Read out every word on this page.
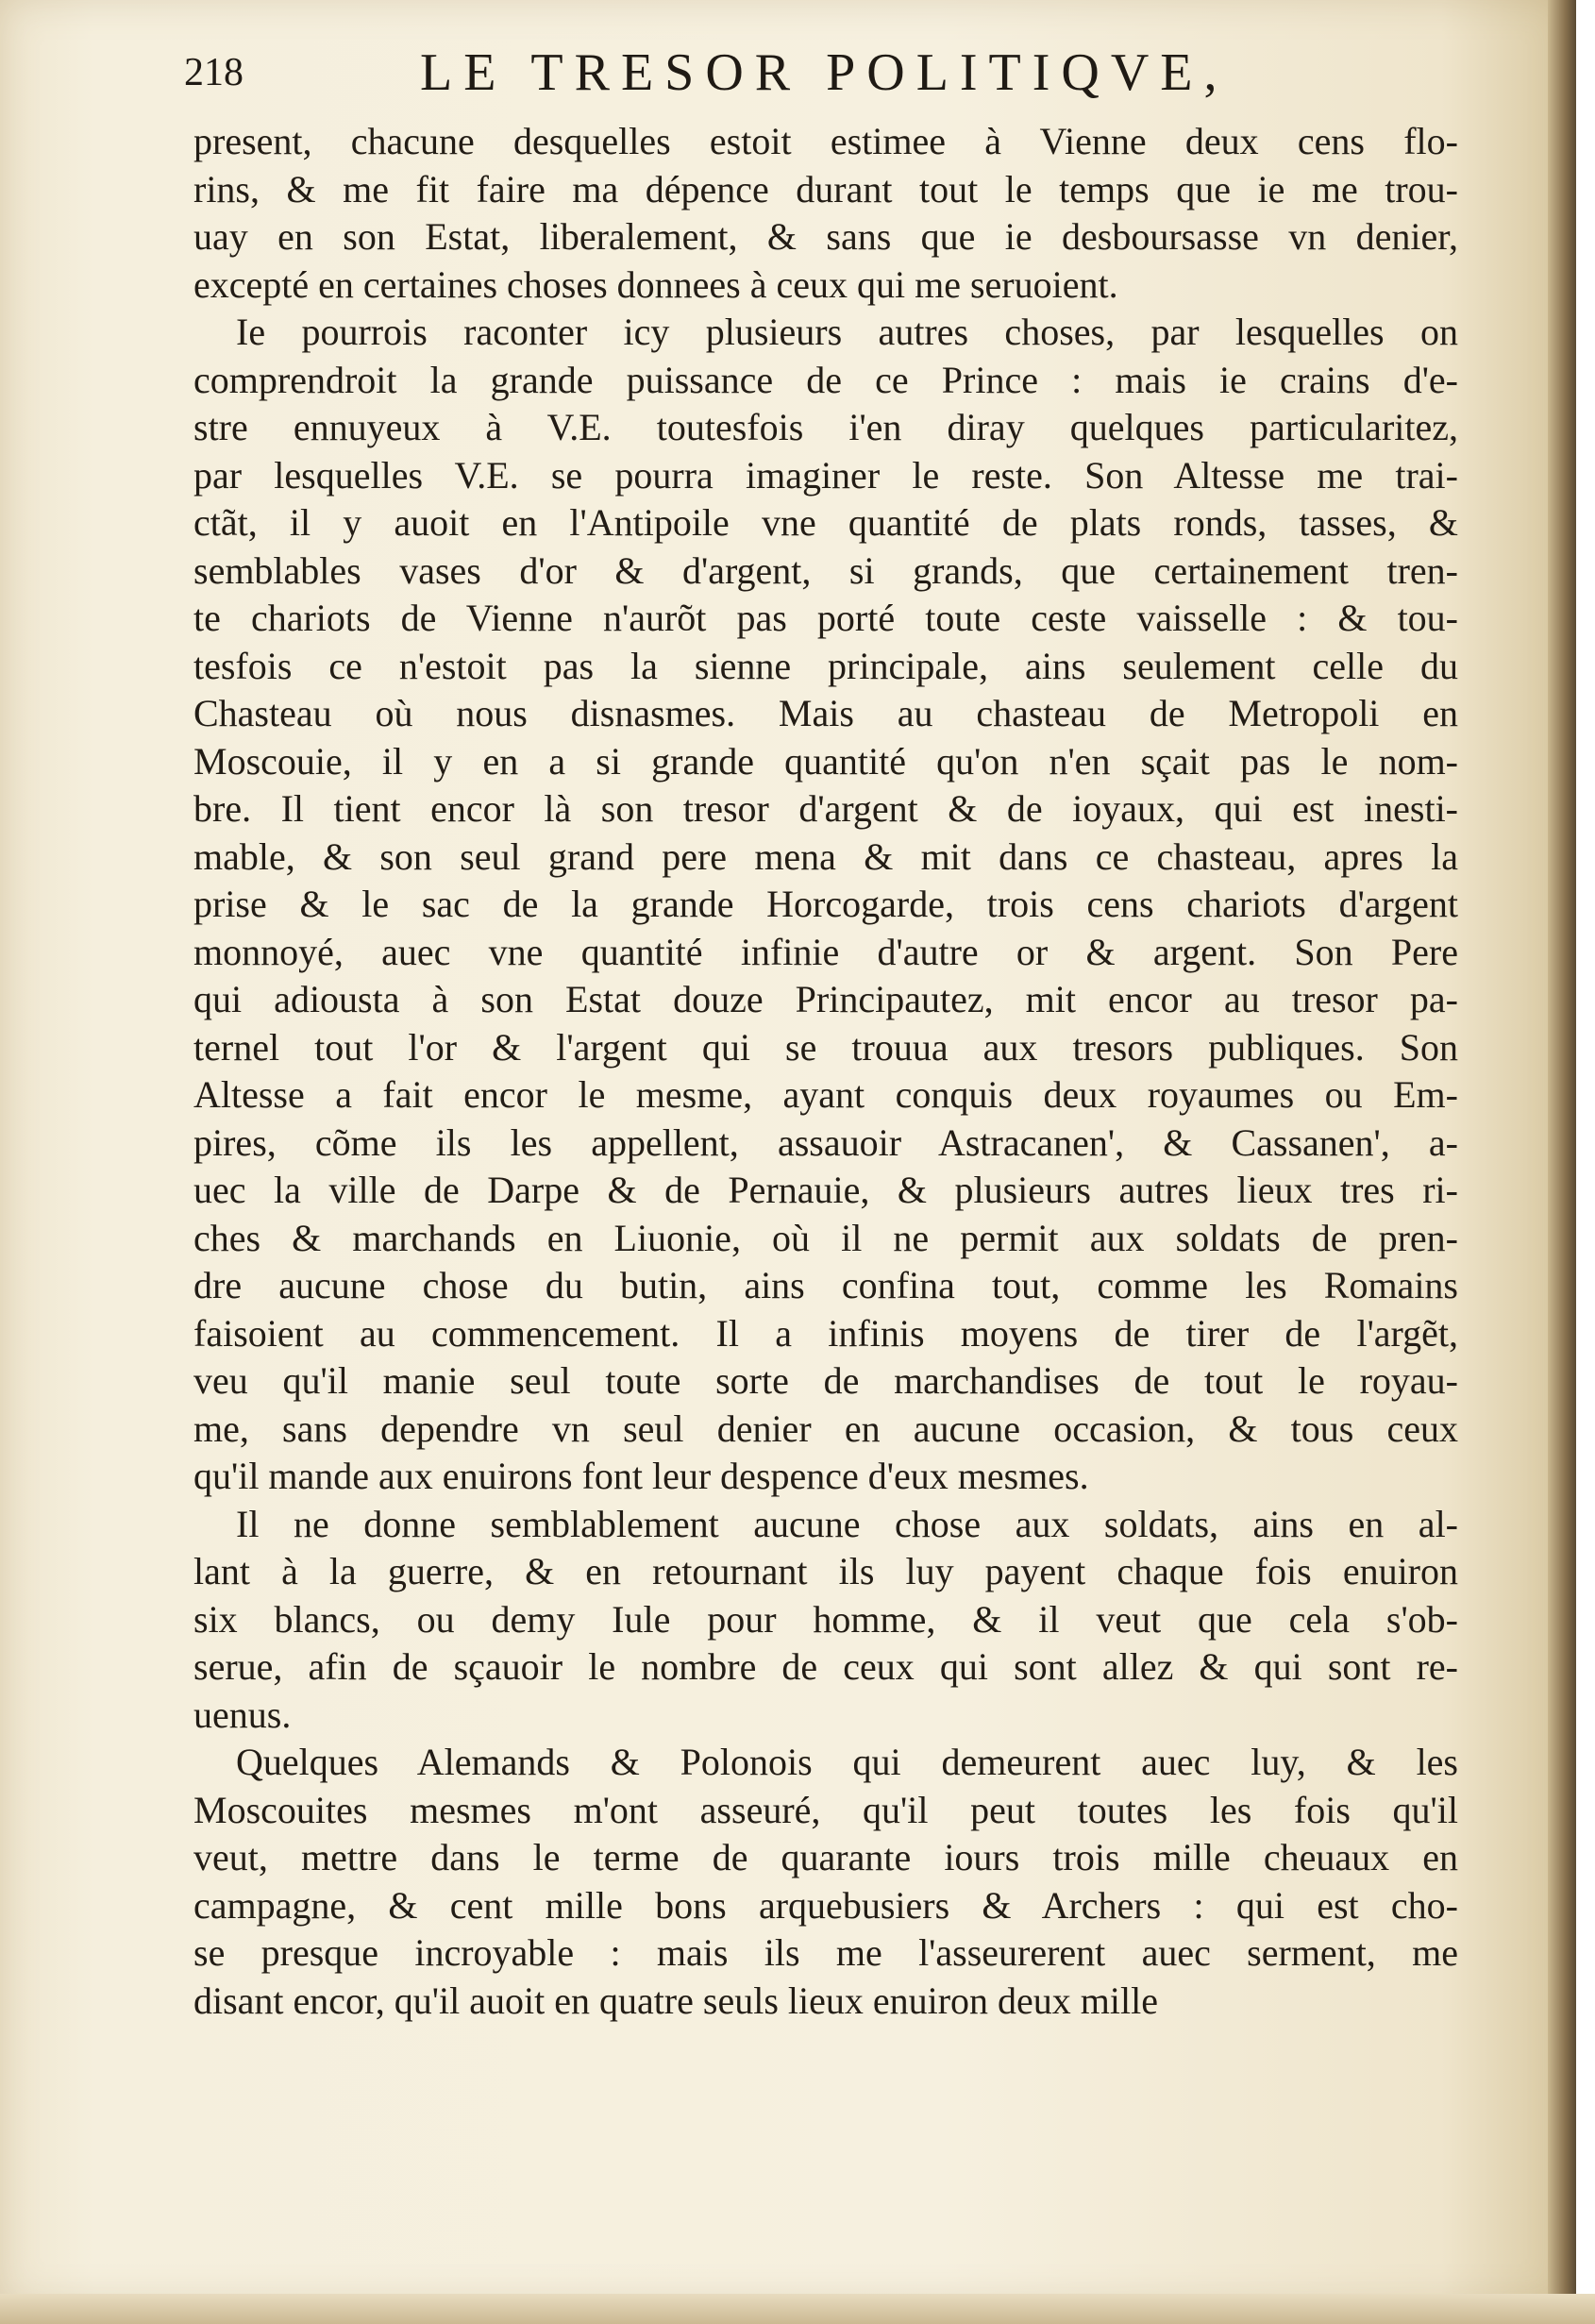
218	LE TRESOR POLITIQVE,
present, chacune desquelles estoit estimee à Vienne deux cens flo-
rins, & me fit faire ma dépence durant tout le temps que ie me trou-
uay en son Estat, liberalement, & sans que ie desboursasse vn denier,
excepté en certaines choses donnees à ceux qui me seruoient.
Ie pourrois raconter icy plusieurs autres choses, par lesquelles on
comprendroit la grande puissance de ce Prince : mais ie crains d'e-
stre ennuyeux à V.E. toutesfois i'en diray quelques particularitez,
par lesquelles V.E. se pourra imaginer le reste. Son Altesse me trai-
ctãt, il y auoit en l'Antipoile vne quantité de plats ronds, tasses, &
semblables vases d'or & d'argent, si grands, que certainement tren-
te chariots de Vienne n'aurõt pas porté toute ceste vaisselle : & tou-
tesfois ce n'estoit pas la sienne principale, ains seulement celle du
Chasteau où nous disnasmes. Mais au chasteau de Metropoli en
Moscouie, il y en a si grande quantité qu'on n'en sçait pas le nom-
bre. Il tient encor là son tresor d'argent & de ioyaux, qui est inesti-
mable, & son seul grand pere mena & mit dans ce chasteau, apres la
prise & le sac de la grande Horcogarde, trois cens chariots d'argent
monnoyé, auec vne quantité infinie d'autre or & argent. Son Pere
qui adiousta à son Estat douze Principautez, mit encor au tresor pa-
ternel tout l'or & l'argent qui se trouua aux tresors publiques. Son
Altesse a fait encor le mesme, ayant conquis deux royaumes ou Em-
pires, cõme ils les appellent, assauoir Astracanen', & Cassanen', a-
uec la ville de Darpe & de Pernauie, & plusieurs autres lieux tres ri-
ches & marchands en Liuonie, où il ne permit aux soldats de pren-
dre aucune chose du butin, ains confina tout, comme les Romains
faisoient au commencement. Il a infinis moyens de tirer de l'argẽt,
veu qu'il manie seul toute sorte de marchandises de tout le royau-
me, sans dependre vn seul denier en aucune occasion, & tous ceux
qu'il mande aux enuirons font leur despence d'eux mesmes.
Il ne donne semblablement aucune chose aux soldats, ains en al-
lant à la guerre, & en retournant ils luy payent chaque fois enuiron
six blancs, ou demy Iule pour homme, & il veut que cela s'ob-
serue, afin de sçauoir le nombre de ceux qui sont allez & qui sont re-
uenus.
Quelques Alemands & Polonois qui demeurent auec luy, & les
Moscouites mesmes m'ont asseuré, qu'il peut toutes les fois qu'il
veut, mettre dans le terme de quarante iours trois mille cheuaux en
campagne, & cent mille bons arquebusiers & Archers : qui est cho-
se presque incroyable : mais ils me l'asseurerent auec serment, me
disant encor, qu'il auoit en quatre seuls lieux enuiron deux mille
